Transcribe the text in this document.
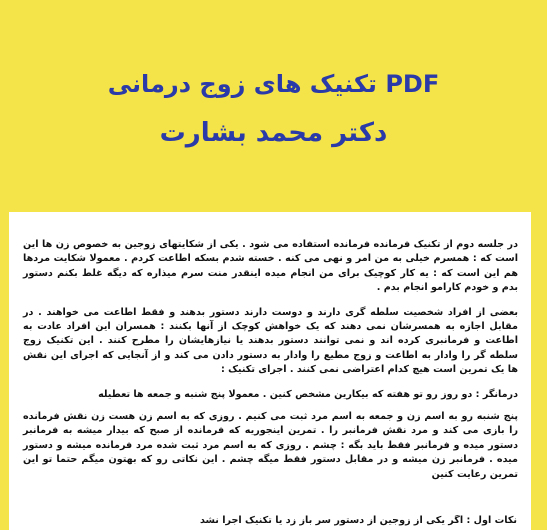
PDF تکنیک های زوج درمانی
دکتر محمد بشارت

در جلسه دوم از تکنیک فرمانده فرمانده استفاده می شود . یکی از شکایتهای زوجین به خصوص زن ها این است که : همسرم خیلی به من امر و نهی می کنه . خسته شدم بسکه اطاعت کردم . معمولا شکایت مردها هم این است که : یه کار کوچیک برای من انجام میده اینقدر منت سرم میذاره که دیگه غلط بکنم دستور بدم و خودم کارامو انجام بدم .

بعضی از افراد شخصیت سلطه گری دارند و دوست دارند دستور بدهند و فقط اطاعت می خواهند . در مقابل اجازه به همسرشان نمی دهند که یک خواهش کوچک از آنها بکنند : همسران این افراد عادت به اطاعت و فرمانبری کرده اند و نمی توانند دستور بدهند یا نیازهایشان را مطرح کنند . این تکنیک زوج سلطه گر را وادار به اطاعت و زوج مطیع را وادار به دستور دادن می کند و از آنجایی که اجرای این نقش ها یک تمرین است هیچ کدام اعتراضی نمی کنند . اجرای تکنیک :

درمانگر : دو روز رو تو هفته که بیکارین مشخص کنین . معمولا پنج شنبه و جمعه ها تعطیله

پنج شنبه رو به اسم زن و جمعه به اسم مرد ثبت می کنیم . روزی که به اسم زن هست زن نقش فرمانده را بازی می کند و مرد نقش فرمانبر را . تمرین اینجوریه که فرمانده از صبح که بیدار میشه به فرمانبر دستور میده و فرمانبر فقط باید بگه : چشم . روزی که به اسم مرد ثبت شده مرد فرمانده میشه و دستور میده . فرمانبر زن میشه و در مقابل دستور فقط میگه چشم . این نکاتی رو که بهتون میگم حتما تو این تمرین رعایت کنین

نکات اول : اگر یکی از زوجین از دستور سر باز زد یا تکنیک اجرا نشد
